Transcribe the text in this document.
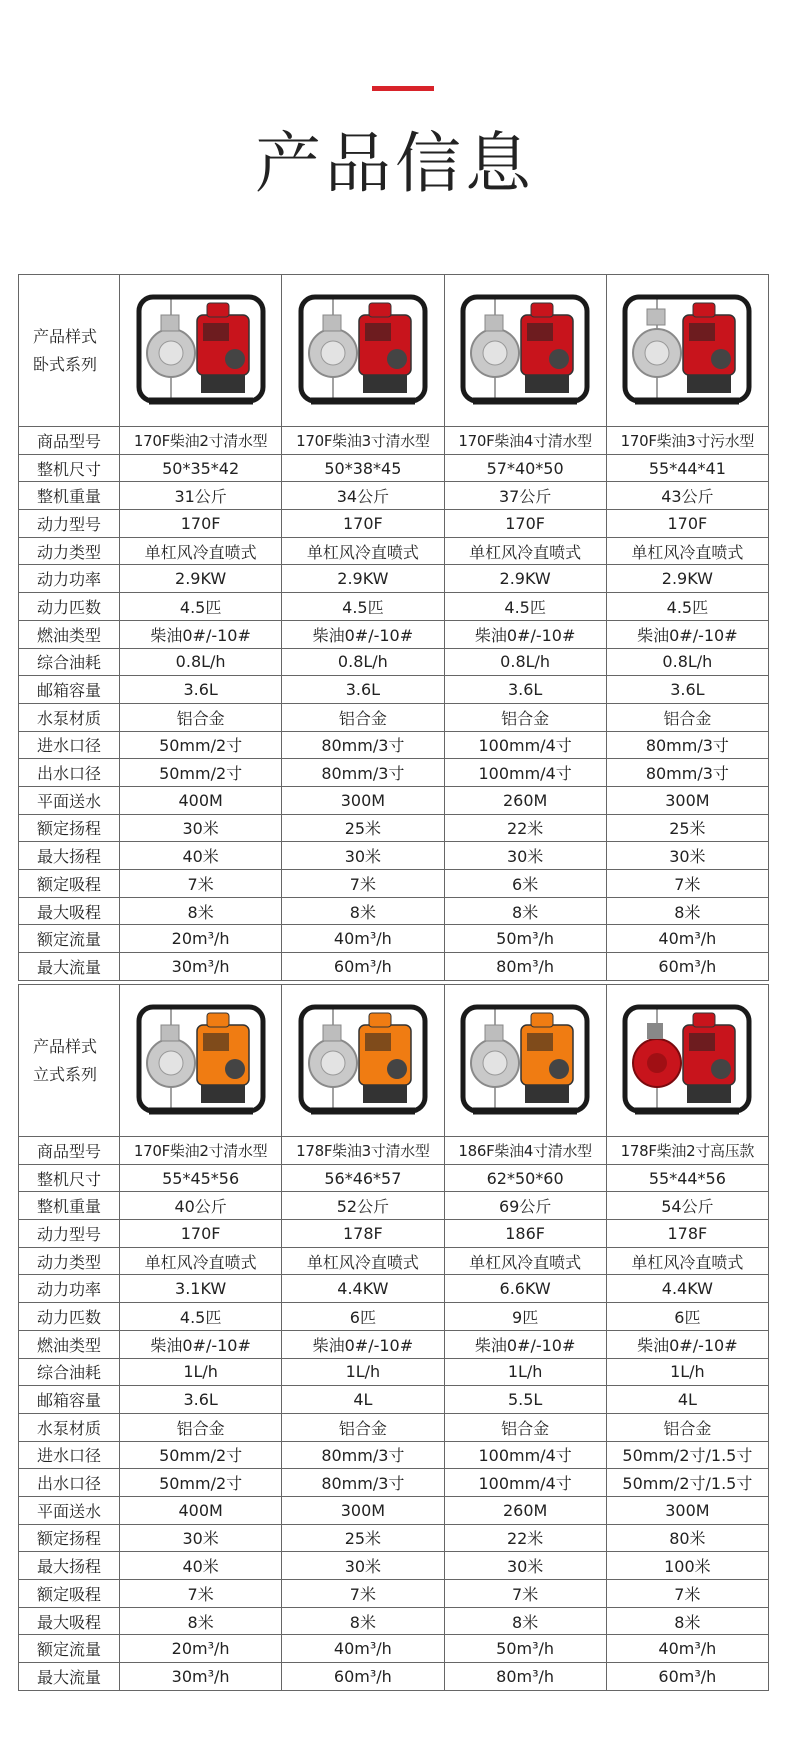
产品信息
产品样式
卧式系列

商品型号	170F柴油2寸清水型	170F柴油3寸清水型	170F柴油4寸清水型	170F柴油3寸污水型
整机尺寸	50*35*42	50*38*45	57*40*50	55*44*41
整机重量	31公斤	34公斤	37公斤	43公斤
动力型号	170F	170F	170F	170F
动力类型	单杠风冷直喷式	单杠风冷直喷式	单杠风冷直喷式	单杠风冷直喷式
动力功率	2.9KW	2.9KW	2.9KW	2.9KW
动力匹数	4.5匹	4.5匹	4.5匹	4.5匹
燃油类型	柴油0#/-10#	柴油0#/-10#	柴油0#/-10#	柴油0#/-10#
综合油耗	0.8L/h	0.8L/h	0.8L/h	0.8L/h
邮箱容量	3.6L	3.6L	3.6L	3.6L
水泵材质	铝合金	铝合金	铝合金	铝合金
进水口径	50mm/2寸	80mm/3寸	100mm/4寸	80mm/3寸
出水口径	50mm/2寸	80mm/3寸	100mm/4寸	80mm/3寸
平面送水	400M	300M	260M	300M
额定扬程	30米	25米	22米	25米
最大扬程	40米	30米	30米	30米
额定吸程	7米	7米	6米	7米
最大吸程	8米	8米	8米	8米
额定流量	20m³/h	40m³/h	50m³/h	40m³/h
最大流量	30m³/h	60m³/h	80m³/h	60m³/h
产品样式
立式系列

商品型号	170F柴油2寸清水型	178F柴油3寸清水型	186F柴油4寸清水型	178F柴油2寸高压款
整机尺寸	55*45*56	56*46*57	62*50*60	55*44*56
整机重量	40公斤	52公斤	69公斤	54公斤
动力型号	170F	178F	186F	178F
动力类型	单杠风冷直喷式	单杠风冷直喷式	单杠风冷直喷式	单杠风冷直喷式
动力功率	3.1KW	4.4KW	6.6KW	4.4KW
动力匹数	4.5匹	6匹	9匹	6匹
燃油类型	柴油0#/-10#	柴油0#/-10#	柴油0#/-10#	柴油0#/-10#
综合油耗	1L/h	1L/h	1L/h	1L/h
邮箱容量	3.6L	4L	5.5L	4L
水泵材质	铝合金	铝合金	铝合金	铝合金
进水口径	50mm/2寸	80mm/3寸	100mm/4寸	50mm/2寸/1.5寸
出水口径	50mm/2寸	80mm/3寸	100mm/4寸	50mm/2寸/1.5寸
平面送水	400M	300M	260M	300M
额定扬程	30米	25米	22米	80米
最大扬程	40米	30米	30米	100米
额定吸程	7米	7米	7米	7米
最大吸程	8米	8米	8米	8米
额定流量	20m³/h	40m³/h	50m³/h	40m³/h
最大流量	30m³/h	60m³/h	80m³/h	60m³/h
